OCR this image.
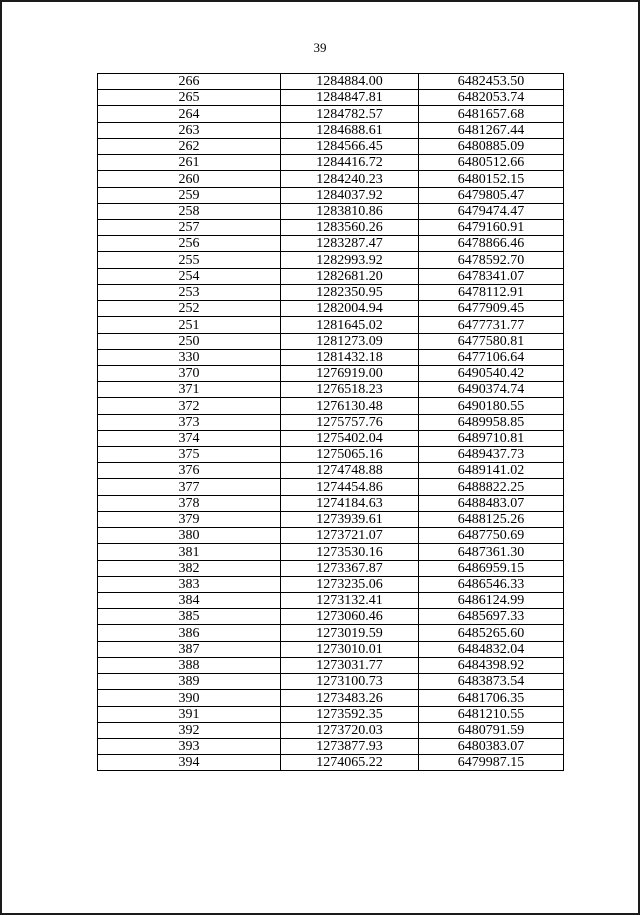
39
266	1284884.00	6482453.50
265	1284847.81	6482053.74
264	1284782.57	6481657.68
263	1284688.61	6481267.44
262	1284566.45	6480885.09
261	1284416.72	6480512.66
260	1284240.23	6480152.15
259	1284037.92	6479805.47
258	1283810.86	6479474.47
257	1283560.26	6479160.91
256	1283287.47	6478866.46
255	1282993.92	6478592.70
254	1282681.20	6478341.07
253	1282350.95	6478112.91
252	1282004.94	6477909.45
251	1281645.02	6477731.77
250	1281273.09	6477580.81
330	1281432.18	6477106.64
370	1276919.00	6490540.42
371	1276518.23	6490374.74
372	1276130.48	6490180.55
373	1275757.76	6489958.85
374	1275402.04	6489710.81
375	1275065.16	6489437.73
376	1274748.88	6489141.02
377	1274454.86	6488822.25
378	1274184.63	6488483.07
379	1273939.61	6488125.26
380	1273721.07	6487750.69
381	1273530.16	6487361.30
382	1273367.87	6486959.15
383	1273235.06	6486546.33
384	1273132.41	6486124.99
385	1273060.46	6485697.33
386	1273019.59	6485265.60
387	1273010.01	6484832.04
388	1273031.77	6484398.92
389	1273100.73	6483873.54
390	1273483.26	6481706.35
391	1273592.35	6481210.55
392	1273720.03	6480791.59
393	1273877.93	6480383.07
394	1274065.22	6479987.15
